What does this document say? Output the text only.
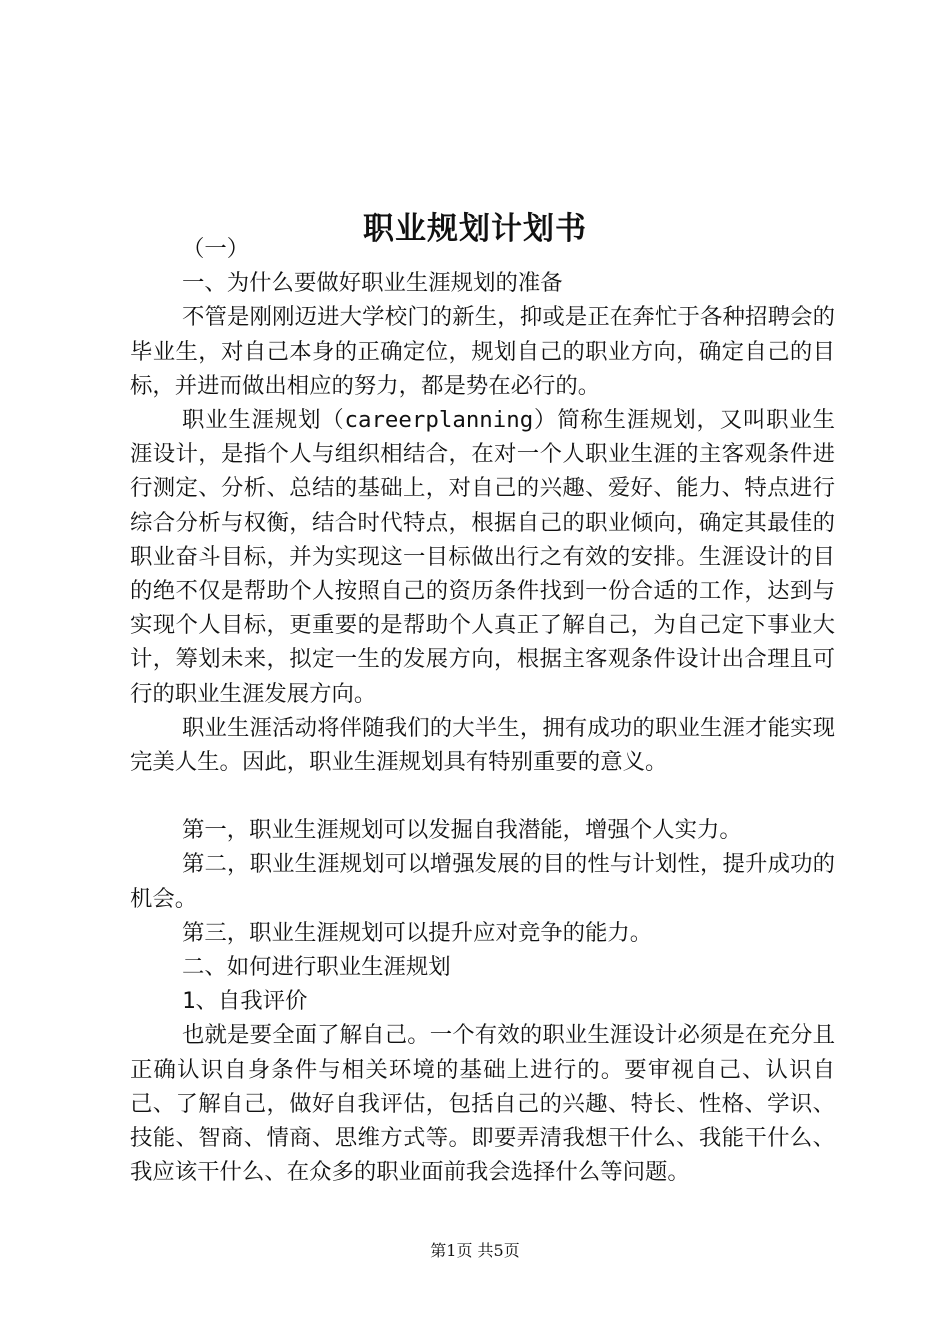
职业规划计划书

（一）

一、为什么要做好职业生涯规划的准备

不管是刚刚迈进大学校门的新生，抑或是正在奔忙于各种招聘会的毕业生，对自己本身的正确定位，规划自己的职业方向，确定自己的目标，并进而做出相应的努力，都是势在必行的。

职业生涯规划（careerplanning）简称生涯规划，又叫职业生涯设计，是指个人与组织相结合，在对一个人职业生涯的主客观条件进行测定、分析、总结的基础上，对自己的兴趣、爱好、能力、特点进行综合分析与权衡，结合时代特点，根据自己的职业倾向，确定其最佳的职业奋斗目标，并为实现这一目标做出行之有效的安排。生涯设计的目的绝不仅是帮助个人按照自己的资历条件找到一份合适的工作，达到与实现个人目标，更重要的是帮助个人真正了解自己，为自己定下事业大计，筹划未来，拟定一生的发展方向，根据主客观条件设计出合理且可行的职业生涯发展方向。

职业生涯活动将伴随我们的大半生，拥有成功的职业生涯才能实现完美人生。因此，职业生涯规划具有特别重要的意义。

第一，职业生涯规划可以发掘自我潜能，增强个人实力。

第二，职业生涯规划可以增强发展的目的性与计划性，提升成功的机会。

第三，职业生涯规划可以提升应对竞争的能力。

二、如何进行职业生涯规划

1、自我评价

也就是要全面了解自己。一个有效的职业生涯设计必须是在充分且正确认识自身条件与相关环境的基础上进行的。要审视自己、认识自己、了解自己，做好自我评估，包括自己的兴趣、特长、性格、学识、技能、智商、情商、思维方式等。即要弄清我想干什么、我能干什么、我应该干什么、在众多的职业面前我会选择什么等问题。

第1页 共5页
